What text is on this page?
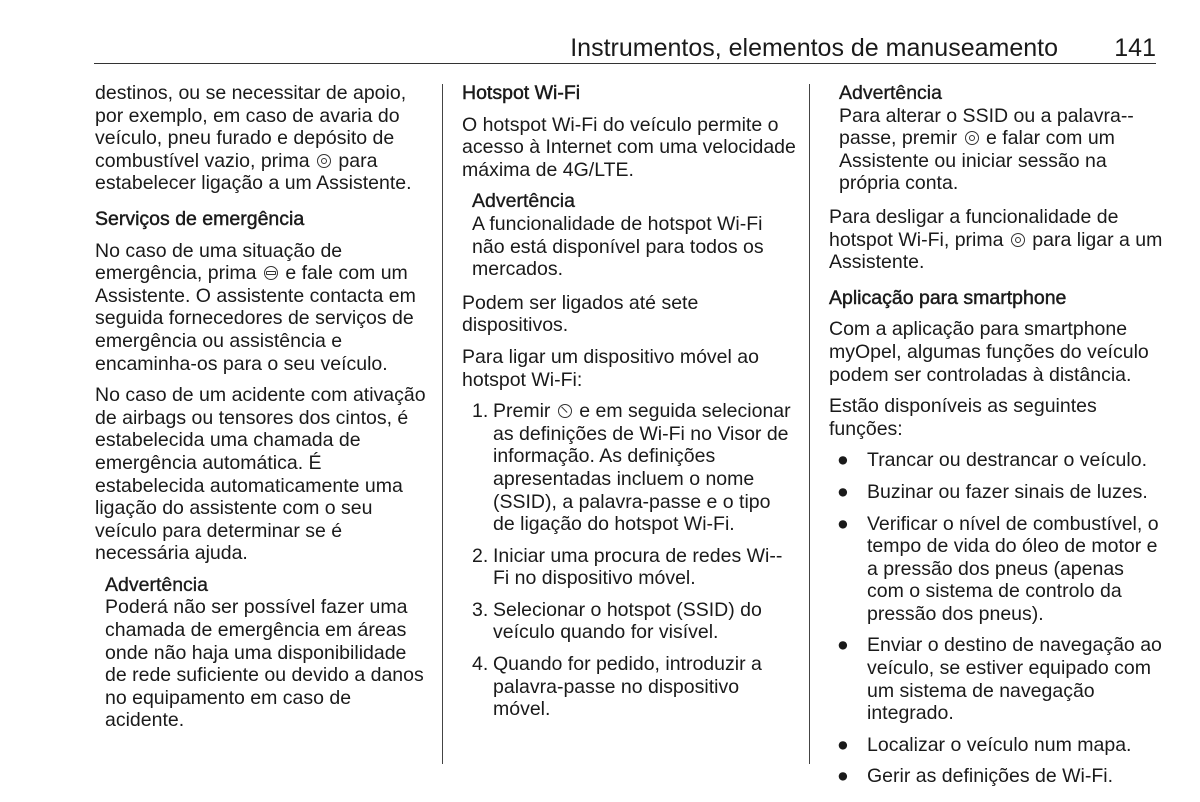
Instrumentos, elementos de manuseamento 141

destinos, ou se necessitar de apoio, por exemplo, em caso de avaria do veículo, pneu furado e depósito de combustível vazio, prima para estabelecer ligação a um Assistente.

Serviços de emergência

No caso de uma situação de emergência, prima e fale com um Assistente. O assistente contacta em seguida fornecedores de serviços de emergência ou assistência e encaminha-os para o seu veículo.

No caso de um acidente com ativação de airbags ou tensores dos cintos, é estabelecida uma chamada de emergência automática. É estabelecida automaticamente uma ligação do assistente com o seu veículo para determinar se é necessária ajuda.

Advertência
Poderá não ser possível fazer uma chamada de emergência em áreas onde não haja uma disponibilidade de rede suficiente ou devido a danos no equipamento em caso de acidente.

Hotspot Wi-Fi

O hotspot Wi-Fi do veículo permite o acesso à Internet com uma velocidade máxima de 4G/LTE.

Advertência
A funcionalidade de hotspot Wi-Fi não está disponível para todos os mercados.

Podem ser ligados até sete dispositivos.

Para ligar um dispositivo móvel ao hotspot Wi-Fi:

1. Premir e em seguida selecionar as definições de Wi-Fi no Visor de informação. As definições apresentadas incluem o nome (SSID), a palavra-passe e o tipo de ligação do hotspot Wi-Fi.
2. Iniciar uma procura de redes Wi--Fi no dispositivo móvel.
3. Selecionar o hotspot (SSID) do veículo quando for visível.
4. Quando for pedido, introduzir a palavra-passe no dispositivo móvel.
Advertência
Para alterar o SSID ou a palavra--passe, premir e falar com um Assistente ou iniciar sessão na própria conta.

Para desligar a funcionalidade de hotspot Wi-Fi, prima para ligar a um Assistente.

Aplicação para smartphone

Com a aplicação para smartphone myOpel, algumas funções do veículo podem ser controladas à distância.

Estão disponíveis as seguintes funções:

● Trancar ou destrancar o veículo.
● Buzinar ou fazer sinais de luzes.
● Verificar o nível de combustível, o tempo de vida do óleo de motor e a pressão dos pneus (apenas com o sistema de controlo da pressão dos pneus).
● Enviar o destino de navegação ao veículo, se estiver equipado com um sistema de navegação integrado.
● Localizar o veículo num mapa.
● Gerir as definições de Wi-Fi.
